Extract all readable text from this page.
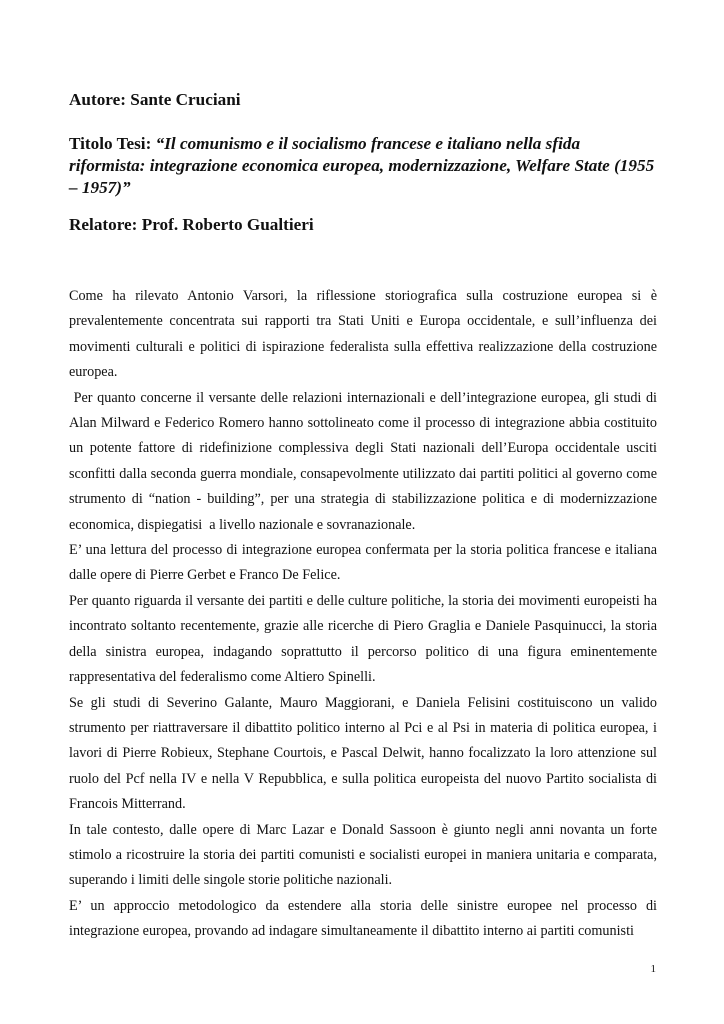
Autore: Sante Cruciani
Titolo Tesi: “Il comunismo e il socialismo francese e italiano nella sfida riformista: integrazione economica europea, modernizzazione, Welfare State (1955 – 1957)”
Relatore: Prof. Roberto Gualtieri

Come ha rilevato Antonio Varsori, la riflessione storiografica sulla costruzione europea si è prevalentemente concentrata sui rapporti tra Stati Uniti e Europa occidentale, e sull’influenza dei movimenti culturali e politici di ispirazione federalista sulla effettiva realizzazione della costruzione europea.

Per quanto concerne il versante delle relazioni internazionali e dell’integrazione europea, gli studi di Alan Milward e Federico Romero hanno sottolineato come il processo di integrazione abbia costituito un potente fattore di ridefinizione complessiva degli Stati nazionali dell’Europa occidentale usciti sconfitti dalla seconda guerra mondiale, consapevolmente utilizzato dai partiti politici al governo come strumento di “nation - building”, per una strategia di stabilizzazione politica e di modernizzazione economica, dispiegatisi  a livello nazionale e sovranazionale.

E’ una lettura del processo di integrazione europea confermata per la storia politica francese e italiana dalle opere di Pierre Gerbet e Franco De Felice.

Per quanto riguarda il versante dei partiti e delle culture politiche, la storia dei movimenti europeisti ha incontrato soltanto recentemente, grazie alle ricerche di Piero Graglia e Daniele Pasquinucci, la storia della sinistra europea, indagando soprattutto il percorso politico di una figura eminentemente rappresentativa del federalismo come Altiero Spinelli.

Se gli studi di Severino Galante, Mauro Maggiorani, e Daniela Felisini costituiscono un valido strumento per riattraversare il dibattito politico interno al Pci e al Psi in materia di politica europea, i lavori di Pierre Robieux, Stephane Courtois, e Pascal Delwit, hanno focalizzato la loro attenzione sul ruolo del Pcf nella IV e nella V Repubblica, e sulla politica europeista del nuovo Partito socialista di Francois Mitterrand.

In tale contesto, dalle opere di Marc Lazar e Donald Sassoon è giunto negli anni novanta un forte stimolo a ricostruire la storia dei partiti comunisti e socialisti europei in maniera unitaria e comparata, superando i limiti delle singole storie politiche nazionali.

E’ un approccio metodologico da estendere alla storia delle sinistre europee nel processo di integrazione europea, provando ad indagare simultaneamente il dibattito interno ai partiti comunisti

1
